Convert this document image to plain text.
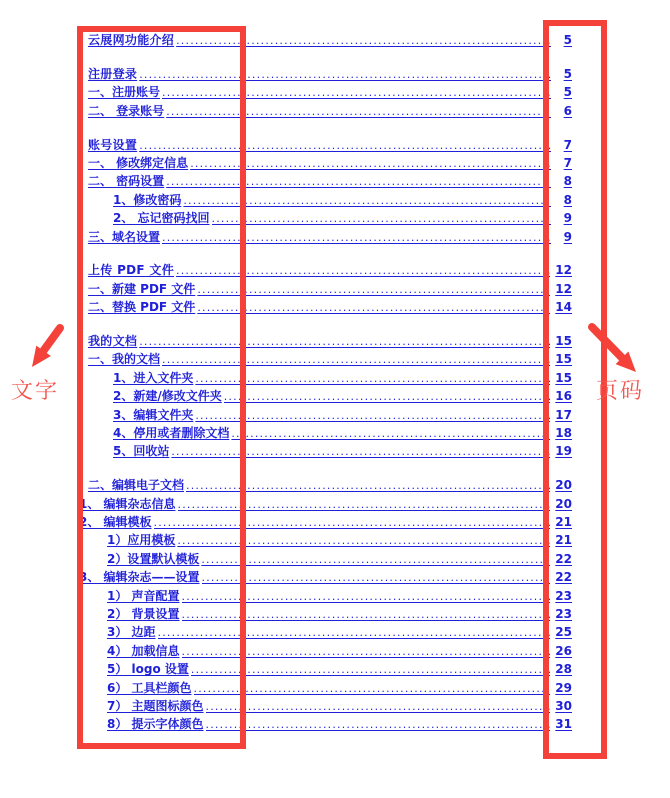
云展网功能介绍 .....	5
注册登录 .....	5
一、注册账号 .....	5
二、 登录账号 .....	6
账号设置 .....	7
一、 修改绑定信息 .....	7
二、 密码设置 .....	8
1、修改密码 .....	8
2、 忘记密码找回 .....	9
三、域名设置 .....	9
上传 PDF 文件 .....	12
一、新建 PDF 文件 .....	12
二、替换 PDF 文件 .....	14
我的文档 .....	15
一、我的文档 .....	15
1、进入文件夹 .....	15
2、新建/修改文件夹 .....	16
3、编辑文件夹 .....	17
4、停用或者删除文档 .....	18
5、回收站 .....	19
二、编辑电子文档 .....	20
1、 编辑杂志信息 .....	20
2、 编辑模板 .....	21
1）应用模板 .....	21
2）设置默认模板 .....	22
3、 编辑杂志——设置 .....	22
1） 声音配置 .....	23
2） 背景设置 .....	23
3） 边距 .....	25
4） 加载信息 .....	26
5） logo 设置 .....	28
6） 工具栏颜色 .....	29
7） 主题图标颜色 .....	30
8） 提示字体颜色 .....	31
文字	页码
